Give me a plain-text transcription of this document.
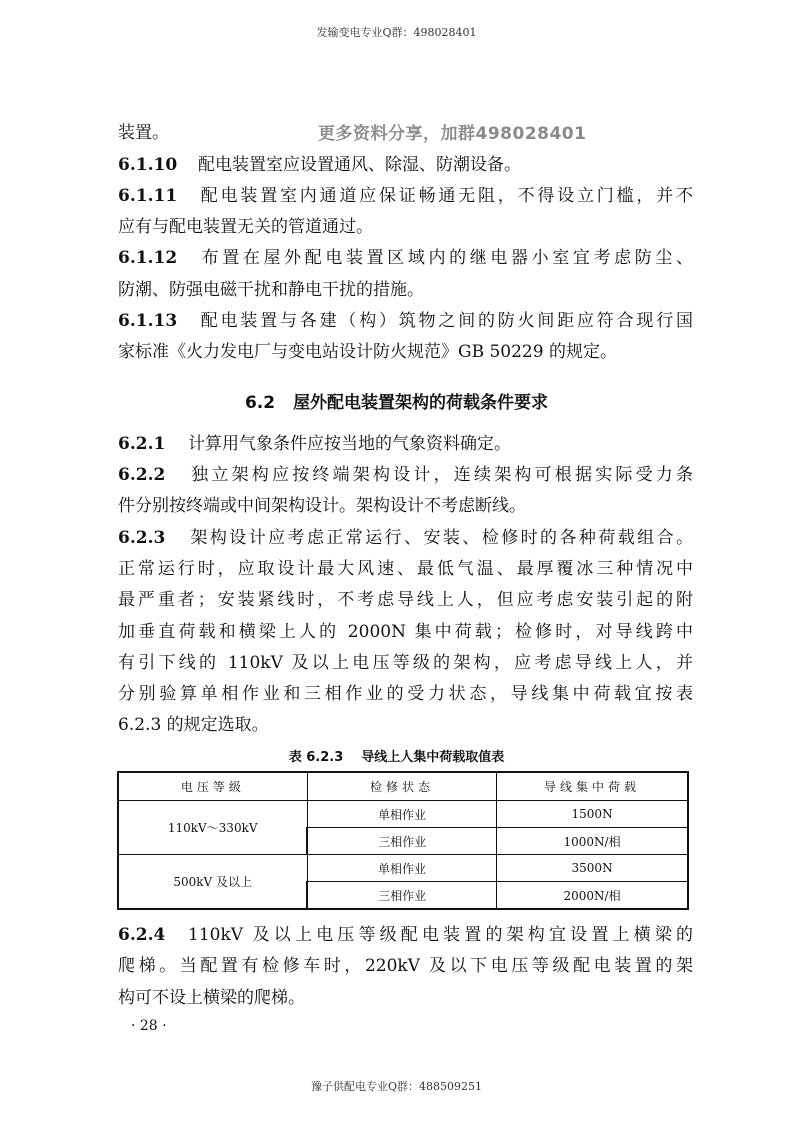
发输变电专业Q群：498028401
更多资料分享，加群498028401
装置。
6.1.10 配电装置室应设置通风、除湿、防潮设备。
6.1.11 配电装置室内通道应保证畅通无阻，不得设立门槛，并不
应有与配电装置无关的管道通过。
6.1.12 布置在屋外配电装置区域内的继电器小室宜考虑防尘、
防潮、防强电磁干扰和静电干扰的措施。
6.1.13 配电装置与各建（构）筑物之间的防火间距应符合现行国
家标准《火力发电厂与变电站设计防火规范》GB 50229 的规定。
6.2 屋外配电装置架构的荷载条件要求
6.2.1 计算用气象条件应按当地的气象资料确定。
6.2.2 独立架构应按终端架构设计，连续架构可根据实际受力条
件分别按终端或中间架构设计。架构设计不考虑断线。
6.2.3 架构设计应考虑正常运行、安装、检修时的各种荷载组合。
正常运行时，应取设计最大风速、最低气温、最厚覆冰三种情况中
最严重者；安装紧线时，不考虑导线上人，但应考虑安装引起的附
加垂直荷载和横梁上人的 2000N 集中荷载；检修时，对导线跨中
有引下线的 110kV 及以上电压等级的架构，应考虑导线上人，并
分别验算单相作业和三相作业的受力状态，导线集中荷载宜按表
6.2.3 的规定选取。
表 6.2.3 导线上人集中荷载取值表
电压等级	检修状态	导线集中荷载
110kV～330kV	单相作业	1500N
	三相作业	1000N/相
500kV 及以上	单相作业	3500N
	三相作业	2000N/相
6.2.4 110kV 及以上电压等级配电装置的架构宜设置上横梁的
爬梯。当配置有检修车时，220kV 及以下电压等级配电装置的架
构可不设上横梁的爬梯。
· 28 ·
豫子供配电专业Q群：488509251
